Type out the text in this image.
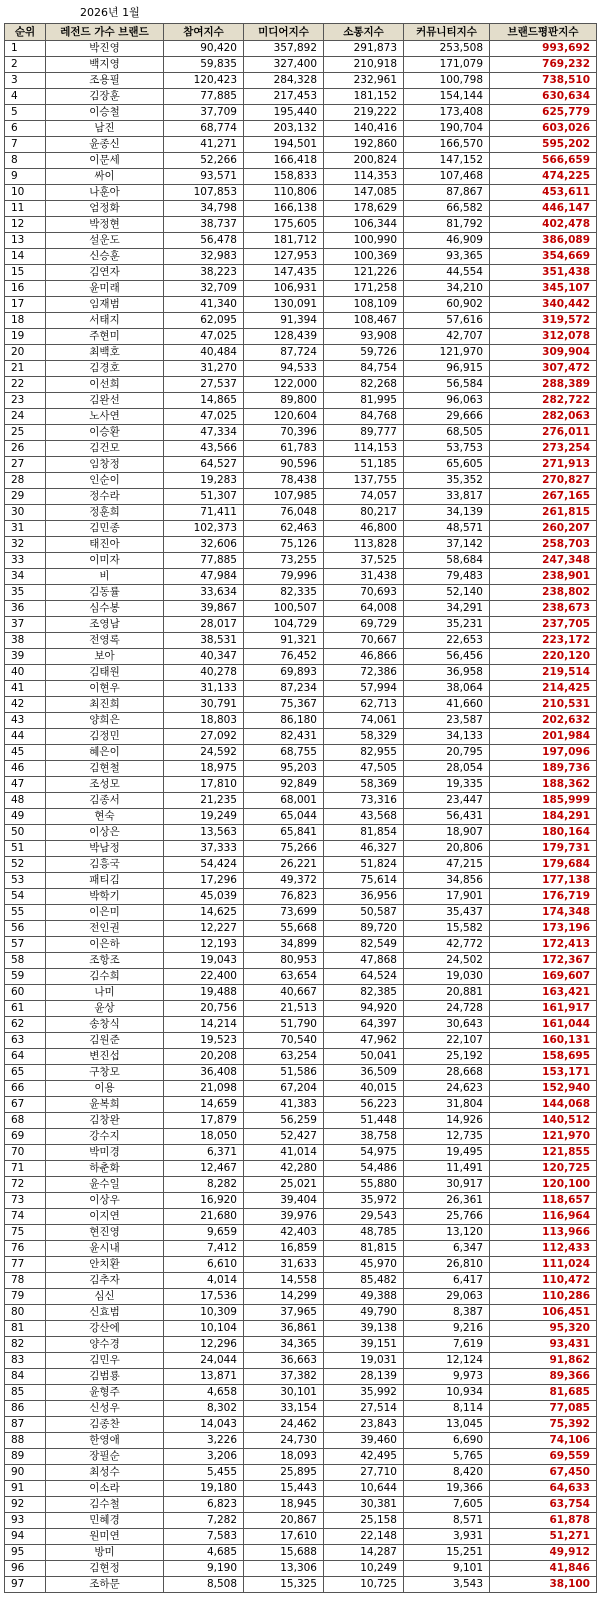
2026년 1월
순위	레전드 가수 브랜드	참여지수	미디어지수	소통지수	커뮤니티지수	브랜드평판지수
1	박진영	90,420	357,892	291,873	253,508	993,692
2	백지영	59,835	327,400	210,918	171,079	769,232
3	조용필	120,423	284,328	232,961	100,798	738,510
4	김장훈	77,885	217,453	181,152	154,144	630,634
5	이승철	37,709	195,440	219,222	173,408	625,779
6	남진	68,774	203,132	140,416	190,704	603,026
7	윤종신	41,271	194,501	192,860	166,570	595,202
8	이문세	52,266	166,418	200,824	147,152	566,659
9	싸이	93,571	158,833	114,353	107,468	474,225
10	나훈아	107,853	110,806	147,085	87,867	453,611
11	엄정화	34,798	166,138	178,629	66,582	446,147
12	박정현	38,737	175,605	106,344	81,792	402,478
13	설운도	56,478	181,712	100,990	46,909	386,089
14	신승훈	32,983	127,953	100,369	93,365	354,669
15	김연자	38,223	147,435	121,226	44,554	351,438
16	윤미래	32,709	106,931	171,258	34,210	345,107
17	임재범	41,340	130,091	108,109	60,902	340,442
18	서태지	62,095	91,394	108,467	57,616	319,572
19	주현미	47,025	128,439	93,908	42,707	312,078
20	최백호	40,484	87,724	59,726	121,970	309,904
21	김경호	31,270	94,533	84,754	96,915	307,472
22	이선희	27,537	122,000	82,268	56,584	288,389
23	김완선	14,865	89,800	81,995	96,063	282,722
24	노사연	47,025	120,604	84,768	29,666	282,063
25	이승환	47,334	70,396	89,777	68,505	276,011
26	김건모	43,566	61,783	114,153	53,753	273,254
27	임창정	64,527	90,596	51,185	65,605	271,913
28	인순이	19,283	78,438	137,755	35,352	270,827
29	정수라	51,307	107,985	74,057	33,817	267,165
30	정훈희	71,411	76,048	80,217	34,139	261,815
31	김민종	102,373	62,463	46,800	48,571	260,207
32	태진아	32,606	75,126	113,828	37,142	258,703
33	이미자	77,885	73,255	37,525	58,684	247,348
34	비	47,984	79,996	31,438	79,483	238,901
35	김동률	33,634	82,335	70,693	52,140	238,802
36	심수봉	39,867	100,507	64,008	34,291	238,673
37	조영남	28,017	104,729	69,729	35,231	237,705
38	전영록	38,531	91,321	70,667	22,653	223,172
39	보아	40,347	76,452	46,866	56,456	220,120
40	김태원	40,278	69,893	72,386	36,958	219,514
41	이현우	31,133	87,234	57,994	38,064	214,425
42	최진희	30,791	75,367	62,713	41,660	210,531
43	양희은	18,803	86,180	74,061	23,587	202,632
44	김정민	27,092	82,431	58,329	34,133	201,984
45	혜은이	24,592	68,755	82,955	20,795	197,096
46	김현철	18,975	95,203	47,505	28,054	189,736
47	조성모	17,810	92,849	58,369	19,335	188,362
48	김종서	21,235	68,001	73,316	23,447	185,999
49	현숙	19,249	65,044	43,568	56,431	184,291
50	이상은	13,563	65,841	81,854	18,907	180,164
51	박남정	37,333	75,266	46,327	20,806	179,731
52	김흥국	54,424	26,221	51,824	47,215	179,684
53	패티김	17,296	49,372	75,614	34,856	177,138
54	박학기	45,039	76,823	36,956	17,901	176,719
55	이은미	14,625	73,699	50,587	35,437	174,348
56	전인권	12,227	55,668	89,720	15,582	173,196
57	이은하	12,193	34,899	82,549	42,772	172,413
58	조항조	19,043	80,953	47,868	24,502	172,367
59	김수희	22,400	63,654	64,524	19,030	169,607
60	나미	19,488	40,667	82,385	20,881	163,421
61	윤상	20,756	21,513	94,920	24,728	161,917
62	송창식	14,214	51,790	64,397	30,643	161,044
63	김원준	19,523	70,540	47,962	22,107	160,131
64	변진섭	20,208	63,254	50,041	25,192	158,695
65	구창모	36,408	51,586	36,509	28,668	153,171
66	이용	21,098	67,204	40,015	24,623	152,940
67	윤복희	14,659	41,383	56,223	31,804	144,068
68	김창완	17,879	56,259	51,448	14,926	140,512
69	강수지	18,050	52,427	38,758	12,735	121,970
70	박미경	6,371	41,014	54,975	19,495	121,855
71	하춘화	12,467	42,280	54,486	11,491	120,725
72	윤수일	8,282	25,021	55,880	30,917	120,100
73	이상우	16,920	39,404	35,972	26,361	118,657
74	이지연	21,680	39,976	29,543	25,766	116,964
75	현진영	9,659	42,403	48,785	13,120	113,966
76	윤시내	7,412	16,859	81,815	6,347	112,433
77	안치환	6,610	31,633	45,970	26,810	111,024
78	김추자	4,014	14,558	85,482	6,417	110,472
79	심신	17,536	14,299	49,388	29,063	110,286
80	신효범	10,309	37,965	49,790	8,387	106,451
81	강산에	10,104	36,861	39,138	9,216	95,320
82	양수경	12,296	34,365	39,151	7,619	93,431
83	김민우	24,044	36,663	19,031	12,124	91,862
84	김범룡	13,871	37,382	28,139	9,973	89,366
85	윤형주	4,658	30,101	35,992	10,934	81,685
86	신성우	8,302	33,154	27,514	8,114	77,085
87	김종찬	14,043	24,462	23,843	13,045	75,392
88	한영애	3,226	24,730	39,460	6,690	74,106
89	장필순	3,206	18,093	42,495	5,765	69,559
90	최성수	5,455	25,895	27,710	8,420	67,450
91	이소라	19,180	15,443	10,644	19,366	64,633
92	김수철	6,823	18,945	30,381	7,605	63,754
93	민혜경	7,282	20,867	25,158	8,571	61,878
94	원미연	7,583	17,610	22,148	3,931	51,271
95	방미	4,685	15,688	14,287	15,251	49,912
96	김현정	9,190	13,306	10,249	9,101	41,846
97	조하문	8,508	15,325	10,725	3,543	38,100
